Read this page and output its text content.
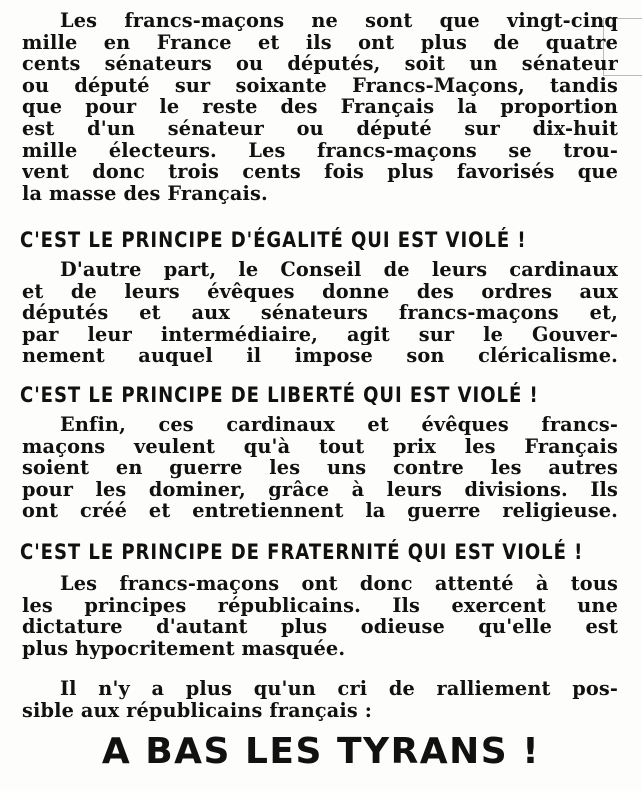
Les francs-maçons ne sont que vingt-cinq
mille en France et ils ont plus de quatre
cents sénateurs ou députés, soit un sénateur
ou député sur soixante Francs-Maçons, tandis
que pour le reste des Français la proportion
est d'un sénateur ou député sur dix-huit
mille électeurs. Les francs-maçons se trou-
vent donc trois cents fois plus favorisés que
la masse des Français.

C'EST LE PRINCIPE D'ÉGALITÉ QUI EST VIOLÉ !

D'autre part, le Conseil de leurs cardinaux
et de leurs évêques donne des ordres aux
députés et aux sénateurs francs-maçons et,
par leur intermédiaire, agit sur le Gouver-
nement auquel il impose son cléricalisme.

C'EST LE PRINCIPE DE LIBERTÉ QUI EST VIOLÉ !

Enfin, ces cardinaux et évêques francs-
maçons veulent qu'à tout prix les Français
soient en guerre les uns contre les autres
pour les dominer, grâce à leurs divisions. Ils
ont créé et entretiennent la guerre religieuse.

C'EST LE PRINCIPE DE FRATERNITÉ QUI EST VIOLÉ !

Les francs-maçons ont donc attenté à tous
les principes républicains. Ils exercent une
dictature d'autant plus odieuse qu'elle est
plus hypocritement masquée.

Il n'y a plus qu'un cri de ralliement pos-
sible aux républicains français :

A BAS LES TYRANS !
